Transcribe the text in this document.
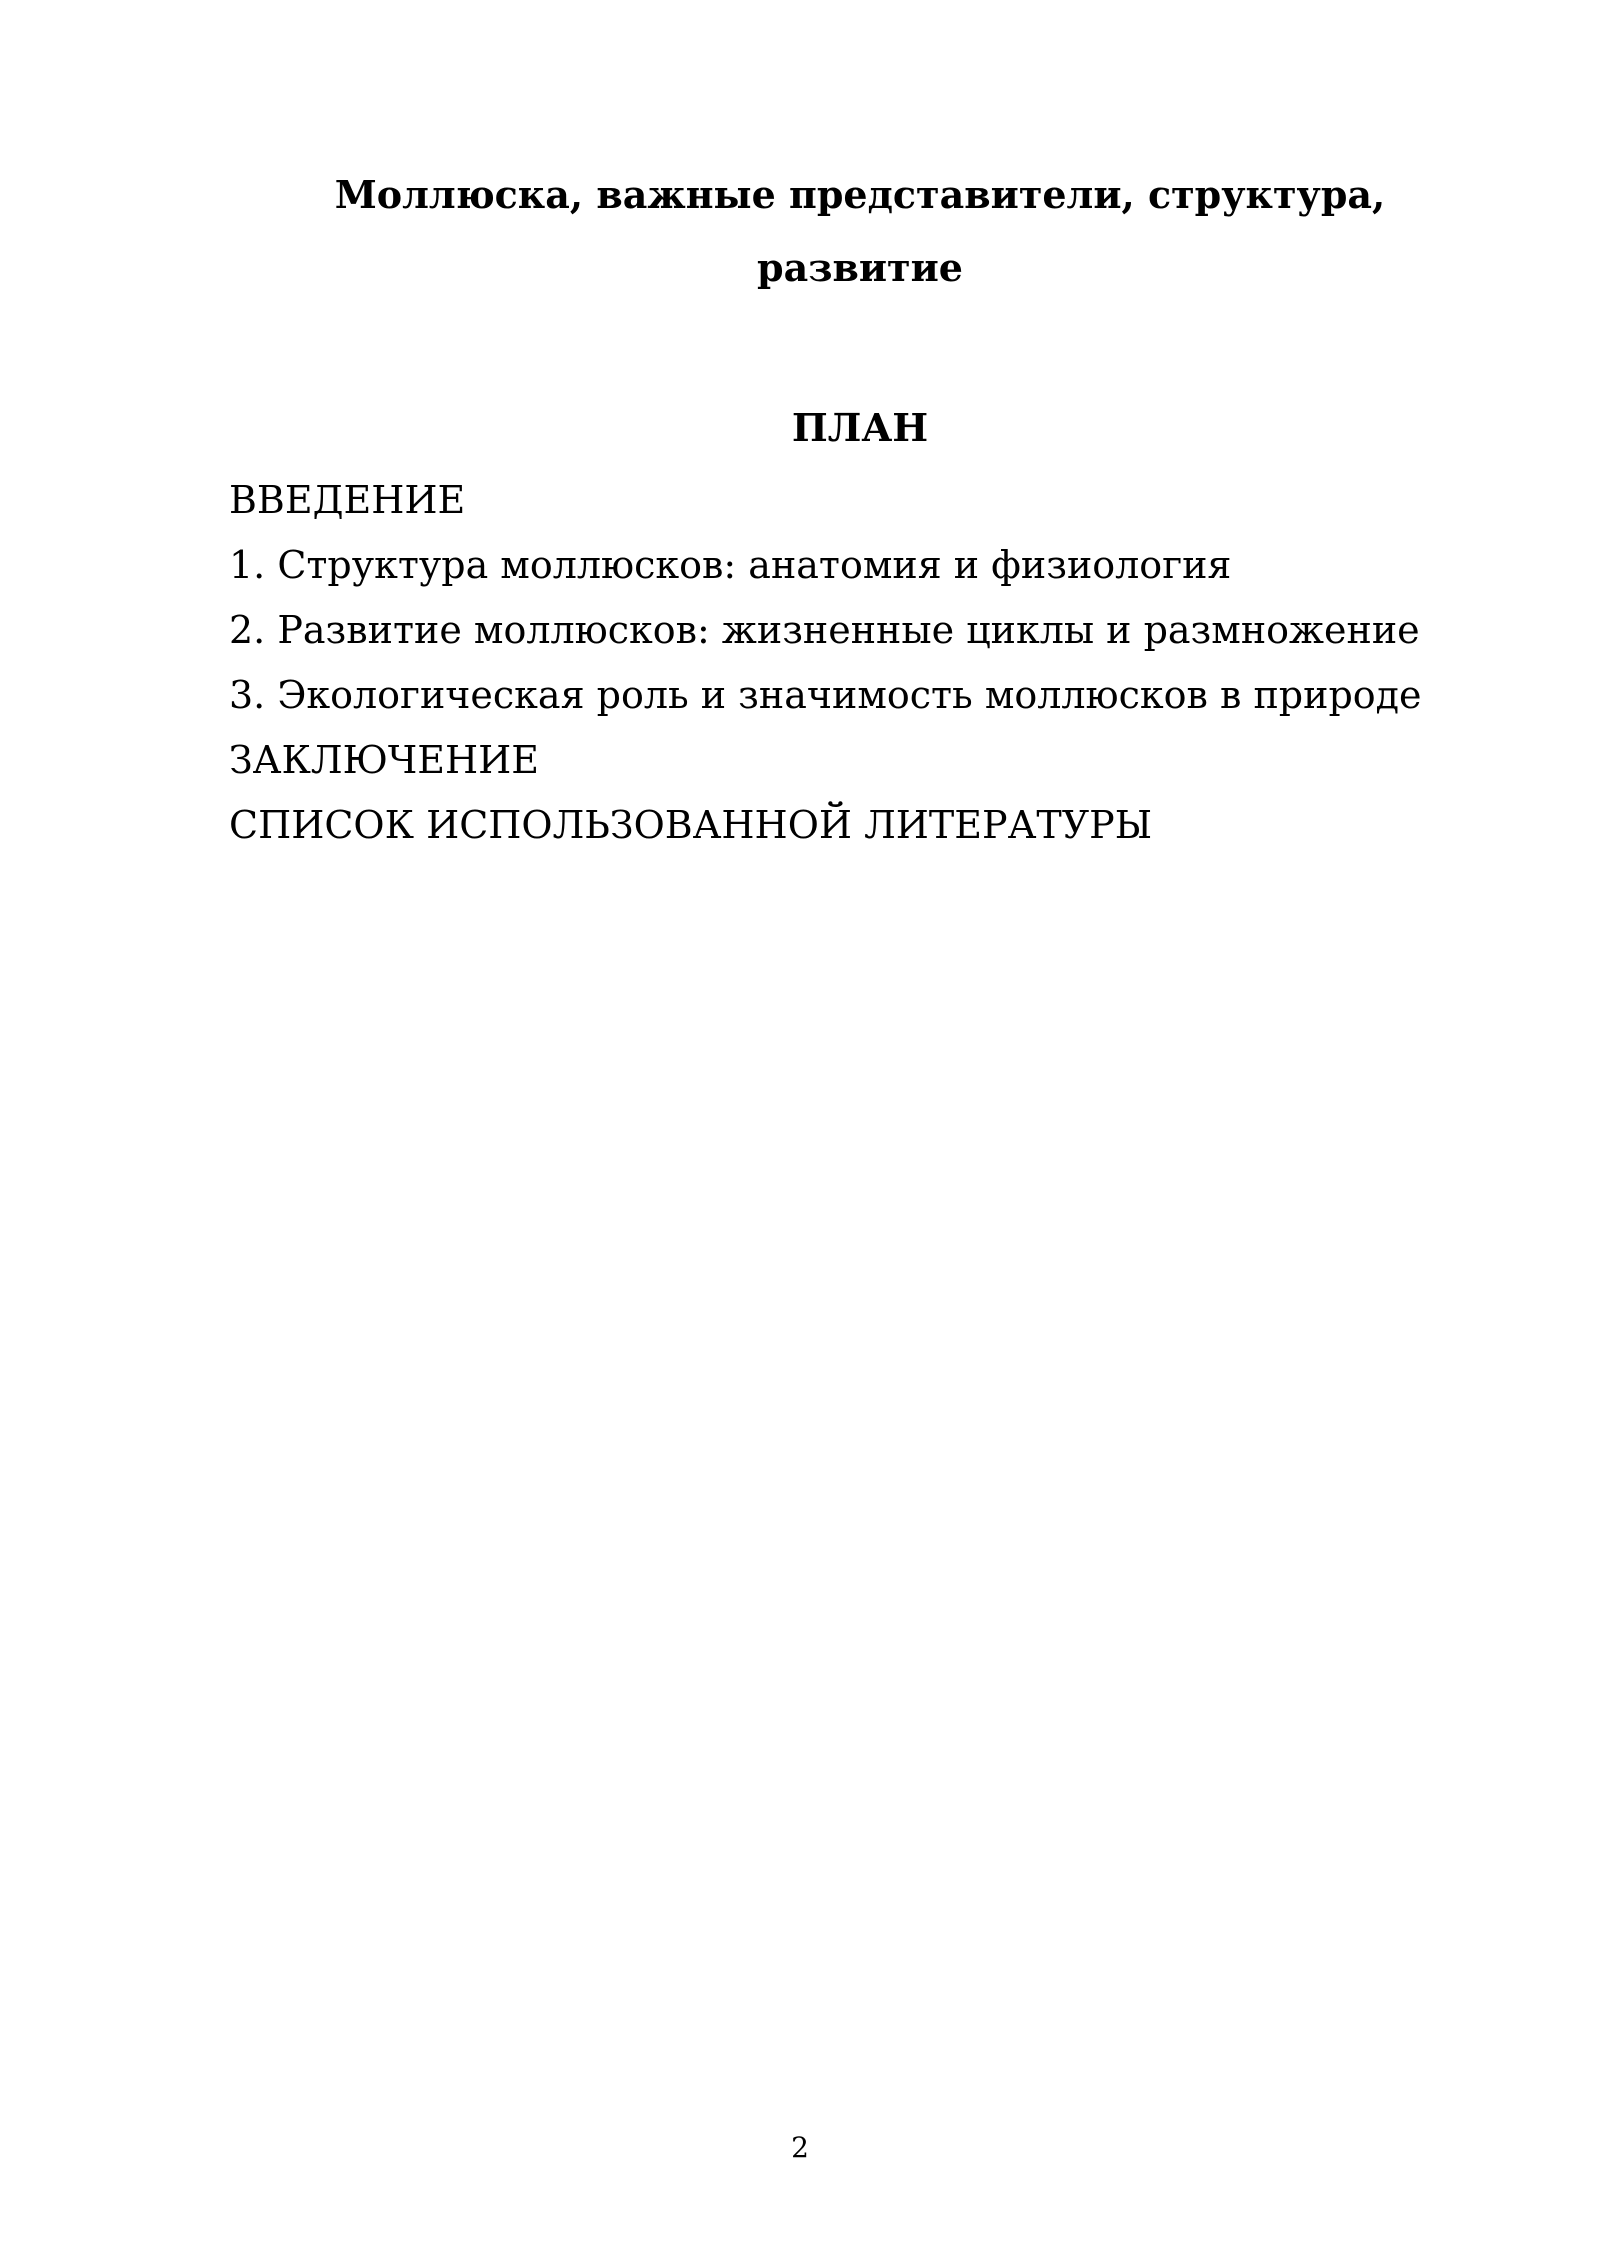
Моллюска, важные представители, структура, развитие
ПЛАН
ВВЕДЕНИЕ
1. Структура моллюсков: анатомия и физиология
2. Развитие моллюсков: жизненные циклы и размножение
3. Экологическая роль и значимость моллюсков в природе
ЗАКЛЮЧЕНИЕ
СПИСОК ИСПОЛЬЗОВАННОЙ ЛИТЕРАТУРЫ
2
